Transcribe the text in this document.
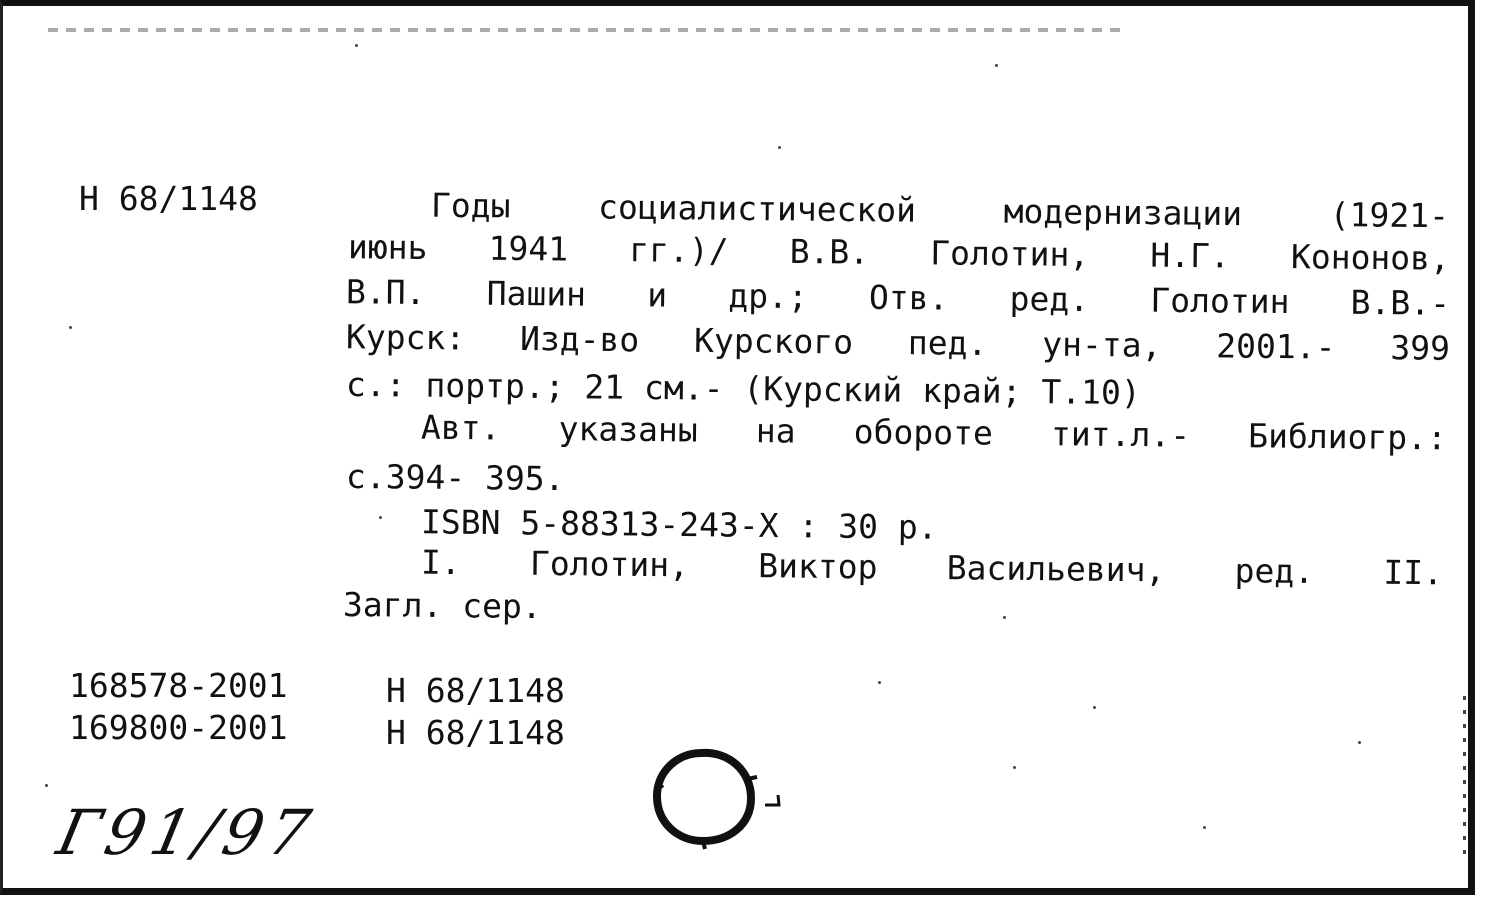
Н 68/1148	Годы	социалистической	модернизации	(1921-
июнь 1941 гг.)/ В.В. Голотин, Н.Г. Кононов,
В.П. Пашин и др.; Отв. ред. Голотин В.В.-
Курск: Изд-во Курского пед. ун-та, 2001.- 399
с.: портр.; 21 см.- (Курский край; Т.10)
Авт. указаны на обороте тит.л.- Библиогр.:
с.394- 395.
ISBN 5-88313-243-X : 30 р.
I. Голотин, Виктор Васильевич, ред. II.
Загл. сер.
168578-2001	Н 68/1148
169800-2001	Н 68/1148
Г91/97
